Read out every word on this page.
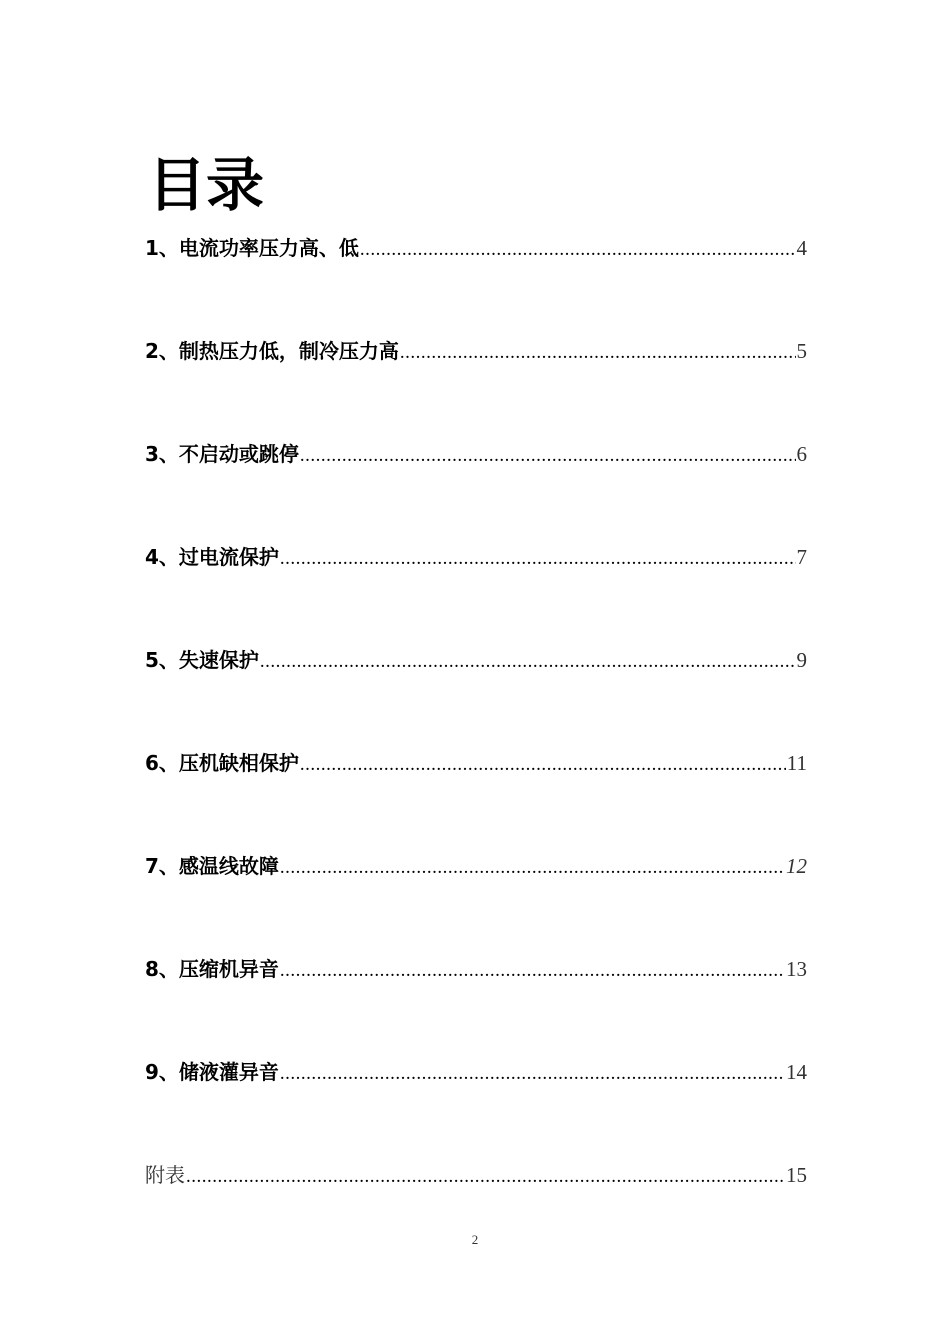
目录
1、电流功率压力高、低 .....	4
2、制热压力低，制冷压力高 .....	5
3、不启动或跳停 .....	6
4、过电流保护 .....	7
5、失速保护 .....	9
6、压机缺相保护 .....	11
7、感温线故障 .....	12
8、压缩机异音 .....	13
9、储液灌异音 .....	14
附表 .....	15
2
